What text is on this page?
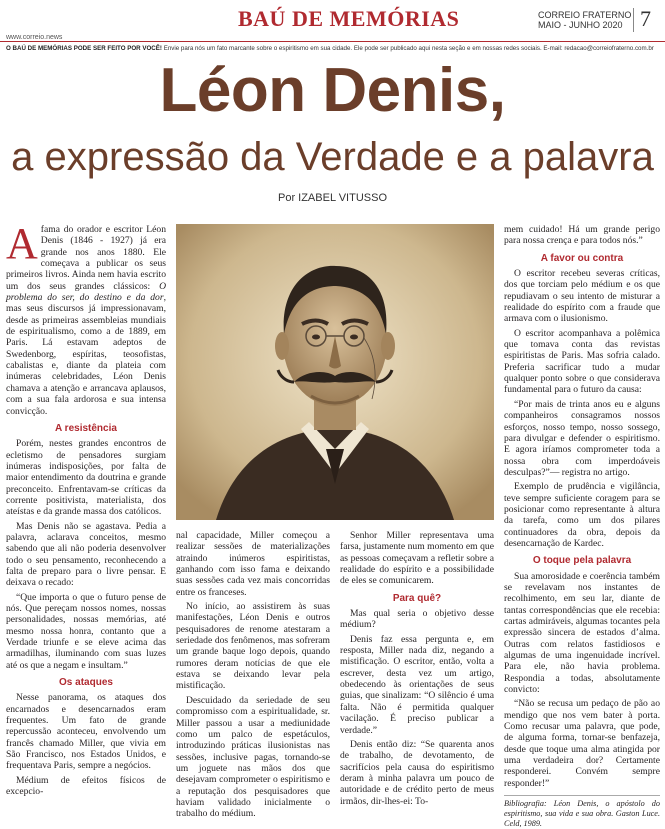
www.correio.news
BAÚ DE MEMÓRIAS	CORREIO FRATERNO
MAIO - JUNHO 2020 7
O BAÚ DE MEMÓRIAS PODE SER FEITO POR VOCÊ! Envie para nós um fato marcante sobre o espiritismo em sua cidade. Ele pode ser publicado aqui nesta seção e em nossas redes sociais. E-mail: redacao@correiofraterno.com.br
Léon Denis,
a expressão da Verdade e a palavra
Por IZABEL VITUSSO

Afama do orador e escritor Léon Denis (1846 - 1927) já era grande nos anos 1880. Ele começava a publicar os seus primeiros livros. Ainda nem havia escrito um dos seus grandes clássicos: O problema do ser, do destino e da dor, mas seus discursos já impressionavam, desde as primeiras assembleias mundiais de espiritualismo, como a de 1889, em Paris. Lá estavam adeptos de Swedenborg, espíritas, teosofistas, cabalistas e, diante da plateia com inúmeras celebridades, Léon Denis chamava a atenção e arrancava aplausos, com a sua fala ardorosa e sua intensa convicção.

A resistência

Porém, nestes grandes encontros de ecletismo de pensadores surgiam inúmeras indisposições, por falta de maior entendimento da doutrina e grande preconceito. Enfrentavam-se críticas da corrente positivista, materialista, dos ateístas e da grande massa dos católicos.

Mas Denis não se agastava. Pedia a palavra, aclarava conceitos, mesmo sabendo que ali não poderia desenvolver todo o seu pensamento, reconhecendo a falta de preparo para o livre pensar. E deixava o recado:

“Que importa o que o futuro pense de nós. Que pereçam nossos nomes, nossas personalidades, nossas memórias, até mesmo nossa honra, contanto que a Verdade triunfe e se eleve acima das armadilhas, iluminando com suas luzes até os que a negam e insultam.”

Os ataques

Nesse panorama, os ataques dos encarnados e desencarnados eram frequentes. Um fato de grande repercussão aconteceu, envolvendo um francês chamado Miller, que vivia em São Francisco, nos Estados Unidos, e frequentava Paris, sempre a negócios.

Médium de efeitos físicos de excepcio-

nal capacidade, Miller começou a realizar sessões de materializações atraindo inúmeros espiritistas, ganhando com isso fama e deixando suas sessões cada vez mais concorridas entre os franceses.

No início, ao assistirem às suas manifestações, Léon Denis e outros pesquisadores de renome atestaram a seriedade dos fenômenos, mas sofreram um grande baque logo depois, quando rumores deram notícias de que ele estava se deixando levar pela mistificação.

Descuidado da seriedade de seu compromisso com a espiritualidade, sr. Miller passou a usar a mediunidade como um palco de espetáculos, introduzindo práticas ilusionistas nas sessões, inclusive pagas, tornando-se um joguete nas mãos dos que desejavam comprometer o espiritismo e a reputação dos pesquisadores que haviam validado inicialmente o trabalho do médium.

Senhor Miller representava uma farsa, justamente num momento em que as pessoas começavam a refletir sobre a realidade do espírito e a possibilidade de eles se comunicarem.

Para quê?

Mas qual seria o objetivo desse médium?

Denis faz essa pergunta e, em resposta, Miller nada diz, negando a mistificação. O escritor, então, volta a escrever, desta vez um artigo, obedecendo às orientações de seus guias, que sinalizam: “O silêncio é uma falta. Não é permitida qualquer vacilação. É preciso publicar a verdade.”

Denis então diz: “Se quarenta anos de trabalho, de devotamento, de sacrifícios pela causa do espiritismo deram à minha palavra um pouco de autoridade e de crédito perto de meus irmãos, dir-lhes-ei: To-

mem cuidado! Há um grande perigo para nossa crença e para todos nós.”

A favor ou contra

O escritor recebeu severas críticas, dos que torciam pelo médium e os que repudiavam o seu intento de misturar a realidade do espírito com a fraude que armava com o ilusionismo.

O escritor acompanhava a polêmica que tomava conta das revistas espiritistas de Paris. Mas sofria calado. Preferia sacrificar tudo a mudar qualquer ponto sobre o que considerava fundamental para o futuro da causa:

“Por mais de trinta anos eu e alguns companheiros consagramos nossos esforços, nosso tempo, nosso sossego, para divulgar e defender o espiritismo. E agora iríamos comprometer toda a nossa obra com imperdoáveis desculpas?”— registra no artigo.

Exemplo de prudência e vigilância, teve sempre suficiente coragem para se posicionar como representante à altura da tarefa, como um dos pilares continuadores da obra, depois da desencarnação de Kardec.

O toque pela palavra

Sua amorosidade e coerência também se revelavam nos instantes de recolhimento, em seu lar, diante de tantas correspondências que ele recebia: cartas admiráveis, algumas tocantes pela expressão sincera de estados d’alma. Outras com relatos fastidiosos e algumas de uma ingenuidade incrível. Para ele, não havia problema. Respondia a todas, absolutamente convicto:

“Não se recusa um pedaço de pão ao mendigo que nos vem bater à porta. Como recusar uma palavra, que pode, de alguma forma, tornar-se benfazeja, desde que toque uma alma atingida por uma verdadeira dor? Certamente responderei. Convém sempre responder!”

Bibliografia: Léon Denis, o apóstolo do espiritismo, sua vida e sua obra. Gaston Luce. Celd, 1989.
